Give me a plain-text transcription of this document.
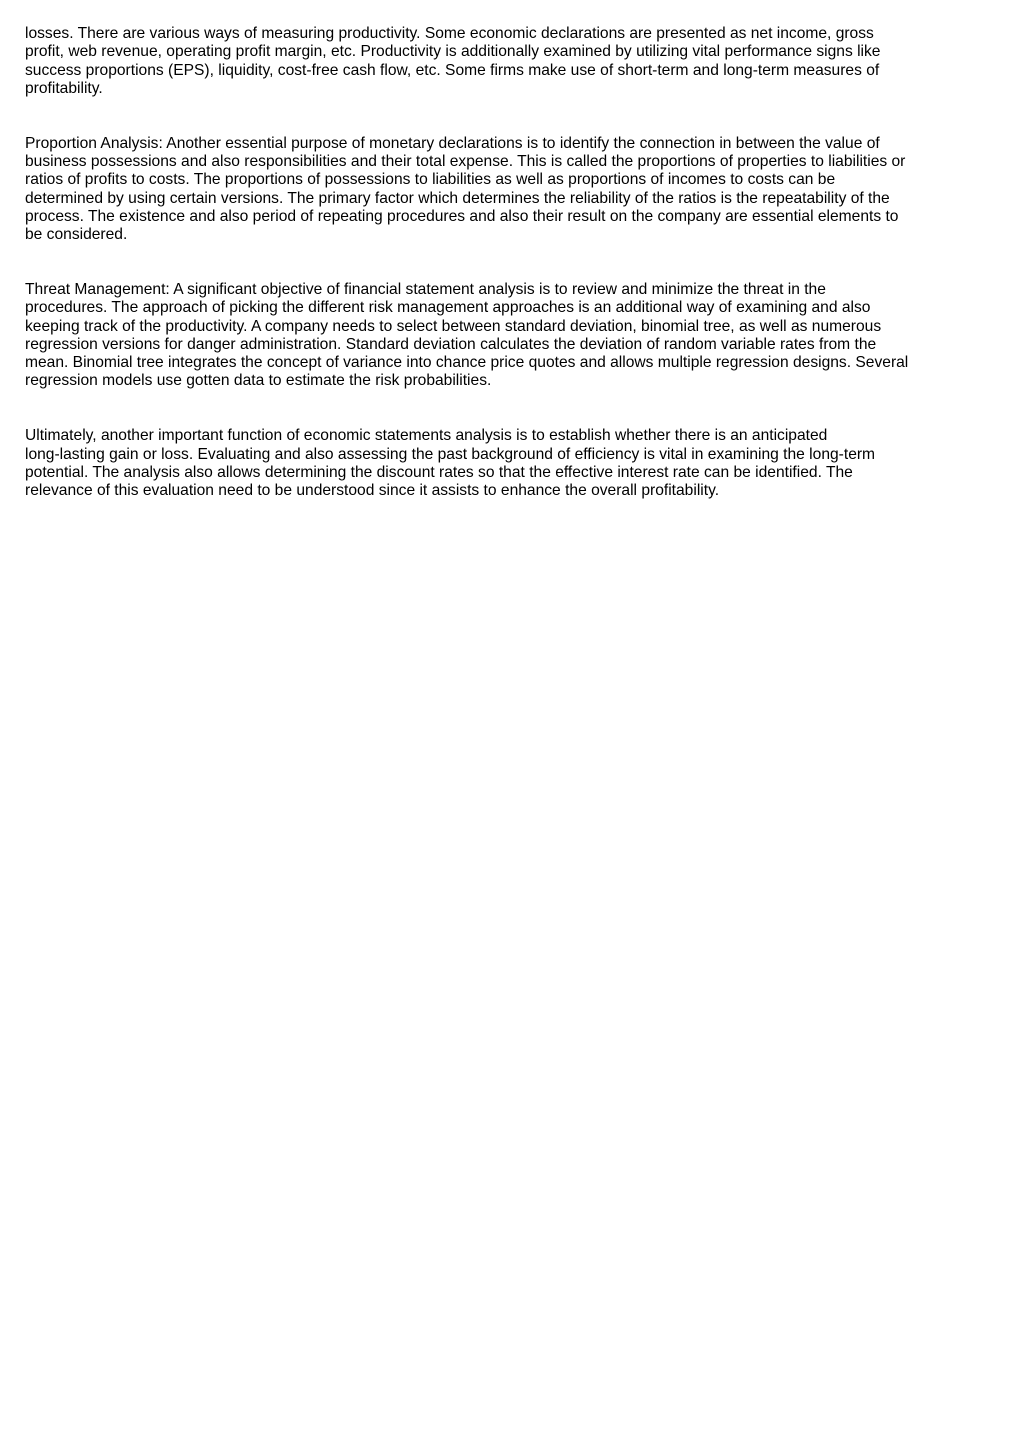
losses. There are various ways of measuring productivity. Some economic declarations are presented as net income, gross
profit, web revenue, operating profit margin, etc. Productivity is additionally examined by utilizing vital performance signs like
success proportions (EPS), liquidity, cost-free cash flow, etc. Some firms make use of short-term and long-term measures of
profitability.

Proportion Analysis: Another essential purpose of monetary declarations is to identify the connection in between the value of
business possessions and also responsibilities and their total expense. This is called the proportions of properties to liabilities or
ratios of profits to costs. The proportions of possessions to liabilities as well as proportions of incomes to costs can be
determined by using certain versions. The primary factor which determines the reliability of the ratios is the repeatability of the
process. The existence and also period of repeating procedures and also their result on the company are essential elements to
be considered.

Threat Management: A significant objective of financial statement analysis is to review and minimize the threat in the
procedures. The approach of picking the different risk management approaches is an additional way of examining and also
keeping track of the productivity. A company needs to select between standard deviation, binomial tree, as well as numerous
regression versions for danger administration. Standard deviation calculates the deviation of random variable rates from the
mean. Binomial tree integrates the concept of variance into chance price quotes and allows multiple regression designs. Several
regression models use gotten data to estimate the risk probabilities.

Ultimately, another important function of economic statements analysis is to establish whether there is an anticipated
long-lasting gain or loss. Evaluating and also assessing the past background of efficiency is vital in examining the long-term
potential. The analysis also allows determining the discount rates so that the effective interest rate can be identified. The
relevance of this evaluation need to be understood since it assists to enhance the overall profitability.
